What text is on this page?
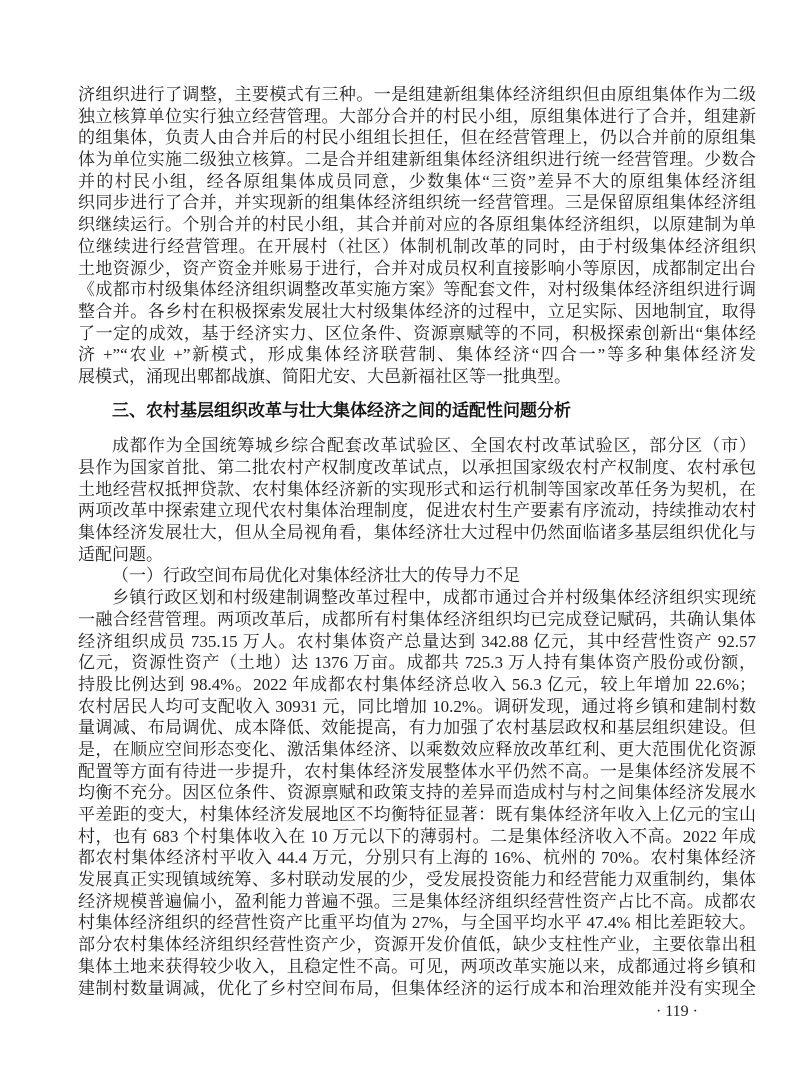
济组织进行了调整，主要模式有三种。一是组建新组集体经济组织但由原组集体作为二级
独立核算单位实行独立经营管理。大部分合并的村民小组，原组集体进行了合并，组建新
的组集体，负责人由合并后的村民小组组长担任，但在经营管理上，仍以合并前的原组集
体为单位实施二级独立核算。二是合并组建新组集体经济组织进行统一经营管理。少数合
并的村民小组，经各原组集体成员同意，少数集体“三资”差异不大的原组集体经济组
织同步进行了合并，并实现新的组集体经济组织统一经营管理。三是保留原组集体经济组
织继续运行。个别合并的村民小组，其合并前对应的各原组集体经济组织，以原建制为单
位继续进行经营管理。在开展村（社区）体制机制改革的同时，由于村级集体经济组织
土地资源少，资产资金并账易于进行，合并对成员权利直接影响小等原因，成都制定出台
《成都市村级集体经济组织调整改革实施方案》等配套文件，对村级集体经济组织进行调
整合并。各乡村在积极探索发展壮大村级集体经济的过程中，立足实际、因地制宜，取得
了一定的成效，基于经济实力、区位条件、资源禀赋等的不同，积极探索创新出“集体经
济 +”“农业 +”新模式，形成集体经济联营制、集体经济“四合一”等多种集体经济发
展模式，涌现出郫都战旗、简阳尤安、大邑新福社区等一批典型。
三、农村基层组织改革与壮大集体经济之间的适配性问题分析
成都作为全国统筹城乡综合配套改革试验区、全国农村改革试验区，部分区（市）
县作为国家首批、第二批农村产权制度改革试点，以承担国家级农村产权制度、农村承包
土地经营权抵押贷款、农村集体经济新的实现形式和运行机制等国家改革任务为契机，在
两项改革中探索建立现代农村集体治理制度，促进农村生产要素有序流动，持续推动农村
集体经济发展壮大，但从全局视角看，集体经济壮大过程中仍然面临诸多基层组织优化与
适配问题。
（一）行政空间布局优化对集体经济壮大的传导力不足
乡镇行政区划和村级建制调整改革过程中，成都市通过合并村级集体经济组织实现统
一融合经营管理。两项改革后，成都所有村集体经济组织均已完成登记赋码，共确认集体
经济组织成员 735.15 万人。农村集体资产总量达到 342.88 亿元，其中经营性资产 92.57
亿元，资源性资产（土地）达 1376 万亩。成都共 725.3 万人持有集体资产股份或份额，
持股比例达到 98.4%。2022 年成都农村集体经济总收入 56.3 亿元，较上年增加 22.6%；
农村居民人均可支配收入 30931 元，同比增加 10.2%。调研发现，通过将乡镇和建制村数
量调减、布局调优、成本降低、效能提高，有力加强了农村基层政权和基层组织建设。但
是，在顺应空间形态变化、激活集体经济、以乘数效应释放改革红利、更大范围优化资源
配置等方面有待进一步提升，农村集体经济发展整体水平仍然不高。一是集体经济发展不
均衡不充分。因区位条件、资源禀赋和政策支持的差异而造成村与村之间集体经济发展水
平差距的变大，村集体经济发展地区不均衡特征显著：既有集体经济年收入上亿元的宝山
村，也有 683 个村集体收入在 10 万元以下的薄弱村。二是集体经济收入不高。2022 年成
都农村集体经济村平收入 44.4 万元，分别只有上海的 16%、杭州的 70%。农村集体经济
发展真正实现镇域统筹、多村联动发展的少，受发展投资能力和经营能力双重制约，集体
经济规模普遍偏小，盈利能力普遍不强。三是集体经济组织经营性资产占比不高。成都农
村集体经济组织的经营性资产比重平均值为 27%，与全国平均水平 47.4% 相比差距较大。
部分农村集体经济组织经营性资产少，资源开发价值低，缺少支柱性产业，主要依靠出租
集体土地来获得较少收入，且稳定性不高。可见，两项改革实施以来，成都通过将乡镇和
建制村数量调减，优化了乡村空间布局，但集体经济的运行成本和治理效能并没有实现全
· 119 ·
